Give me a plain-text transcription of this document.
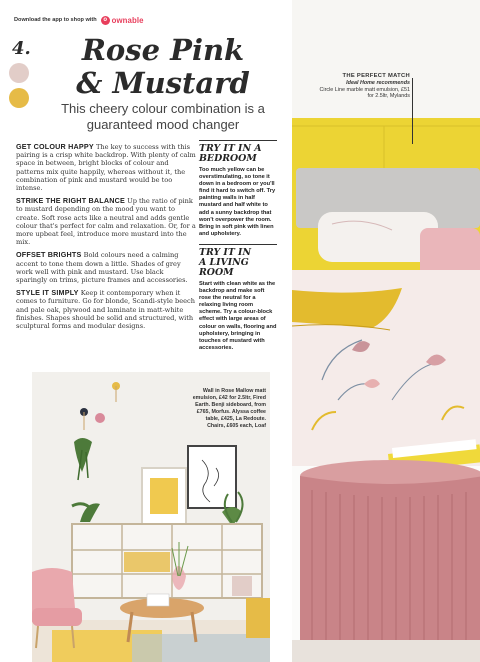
Download the app to shop with	o ownable
4.	Rose Pink
& Mustard
This cheery colour combination is a guaranteed mood changer

GET COLOUR HAPPY The key to success with this pairing is a crisp white backdrop. With plenty of calm space in between, bright blocks of colour and patterns mix quite happily, whereas without it, the combination of pink and mustard would be too intense.

STRIKE THE RIGHT BALANCE Up the ratio of pink to mustard depending on the mood you want to create. Soft rose acts like a neutral and adds gentle colour that's perfect for calm and relaxation. Or, for a more upbeat feel, introduce more mustard into the mix.

OFFSET BRIGHTS Bold colours need a calming accent to tone them down a little. Shades of grey work well with pink and mustard. Use black sparingly on trims, picture frames and accessories.

STYLE IT SIMPLY Keep it contemporary when it comes to furniture. Go for blonde, Scandi-style beech and pale oak, plywood and laminate in matt-white finishes. Shapes should be solid and structured, with sculptural forms and modular designs.

TRY IT IN A
BEDROOM

Too much yellow can be overstimulating, so tone it down in a bedroom or you'll find it hard to switch off. Try painting walls in half mustard and half white to add a sunny backdrop that won't overpower the room. Bring in soft pink with linen and upholstery.

TRY IT IN
A LIVING
ROOM

Start with clean white as the backdrop and make soft rose the neutral for a relaxing living room scheme. Try a colour-block effect with large areas of colour on walls, flooring and upholstery, bringing in touches of mustard with accessories.

Wall in Rose Mallow matt emulsion, £42 for 2.5ltr, Fired Earth. Benji sideboard, from £765, Morfus. Alyssa coffee table, £425, La Redoute. Chairs, £605 each, Loaf
THE PERFECT MATCH
Ideal Home recommends
Circle Line marble matt emulsion, £51 for 2.5ltr, Mylands
